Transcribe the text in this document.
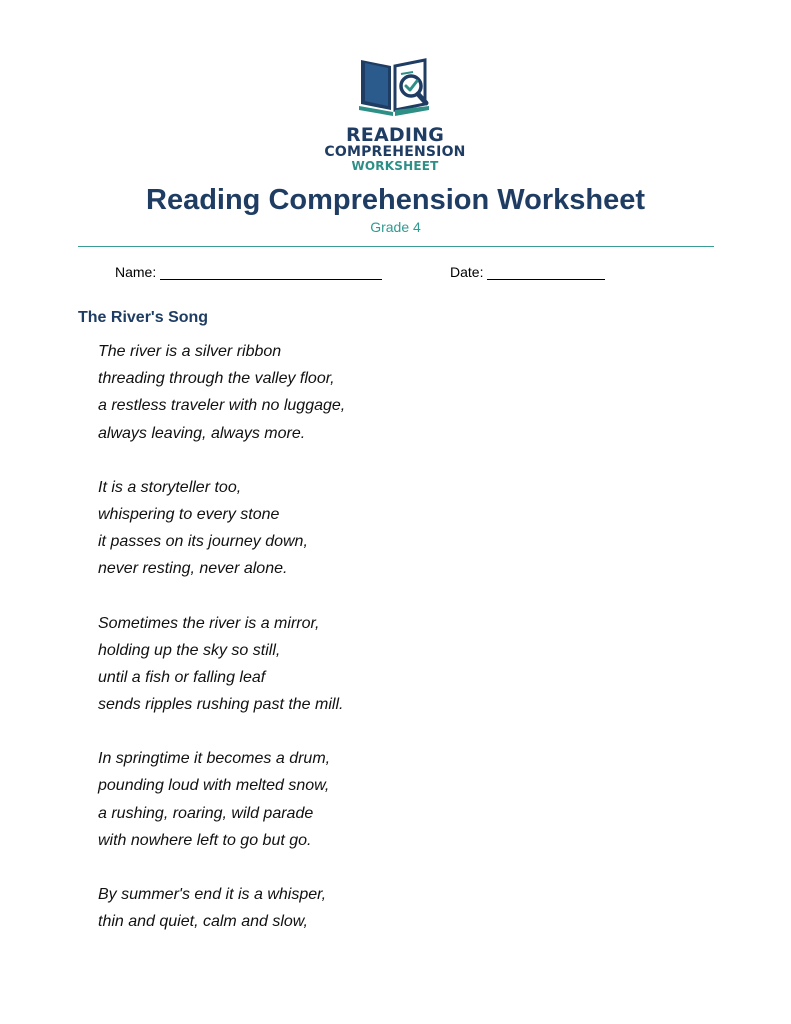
READING
COMPREHENSION
WORKSHEET
Reading Comprehension Worksheet
Grade 4
Name:	Date:
The River's Song
The river is a silver ribbon
threading through the valley floor,
a restless traveler with no luggage,
always leaving, always more.
It is a storyteller too,
whispering to every stone
it passes on its journey down,
never resting, never alone.
Sometimes the river is a mirror,
holding up the sky so still,
until a fish or falling leaf
sends ripples rushing past the mill.
In springtime it becomes a drum,
pounding loud with melted snow,
a rushing, roaring, wild parade
with nowhere left to go but go.
By summer's end it is a whisper,
thin and quiet, calm and slow,
